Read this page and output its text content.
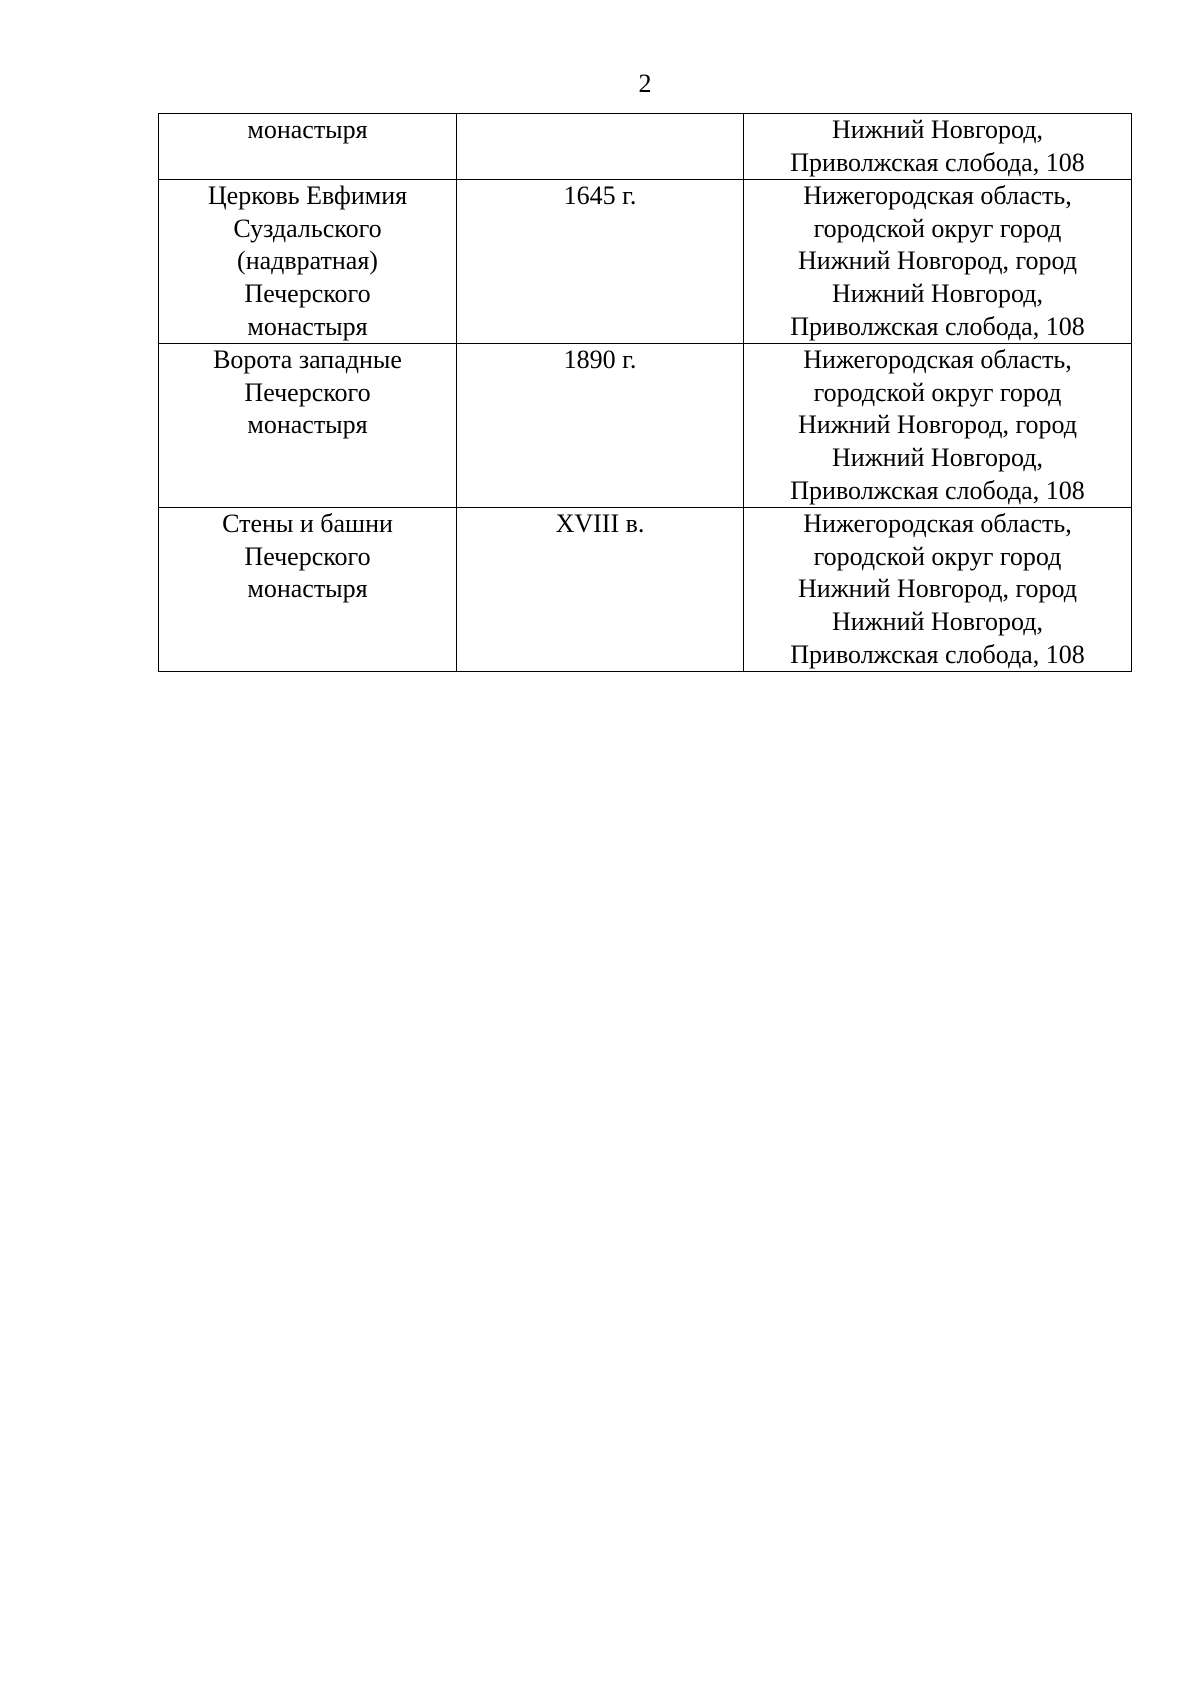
2
монастыря		Нижний Новгород,
Приволжская слобода, 108

Церковь Евфимия
Суздальского
(надвратная)
Печерского
монастыря	1645 г.	Нижегородская область,
городской округ город
Нижний Новгород, город
Нижний Новгород,
Приволжская слобода, 108

Ворота западные
Печерского
монастыря	1890 г.	Нижегородская область,
городской округ город
Нижний Новгород, город
Нижний Новгород,
Приволжская слобода, 108

Стены и башни
Печерского
монастыря	XVIII в.	Нижегородская область,
городской округ город
Нижний Новгород, город
Нижний Новгород,
Приволжская слобода, 108
